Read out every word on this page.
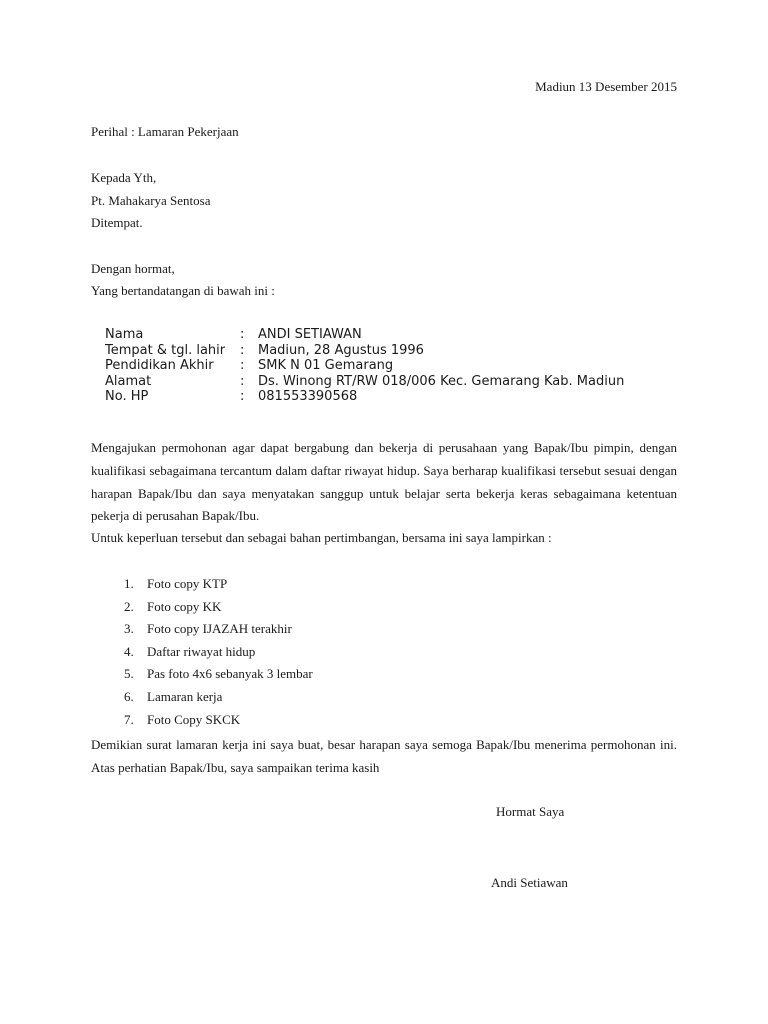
Madiun 13 Desember 2015
Perihal : Lamaran Pekerjaan
Kepada Yth,
Pt. Mahakarya Sentosa
Ditempat.
Dengan hormat,
Yang bertandatangan di bawah ini :
Nama	:	ANDI SETIAWAN
Tempat & tgl. lahir	:	Madiun, 28 Agustus 1996
Pendidikan Akhir	:	SMK N 01 Gemarang
Alamat	:	Ds. Winong RT/RW 018/006 Kec. Gemarang Kab. Madiun
No. HP	:	081553390568
Mengajukan permohonan agar dapat bergabung dan bekerja di perusahaan yang Bapak/Ibu pimpin, dengan kualifikasi sebagaimana tercantum dalam daftar riwayat hidup. Saya berharap kualifikasi tersebut sesuai dengan harapan Bapak/Ibu dan saya menyatakan sanggup untuk belajar serta bekerja keras sebagaimana ketentuan pekerja di perusahan Bapak/Ibu.
Untuk keperluan tersebut dan sebagai bahan pertimbangan, bersama ini saya lampirkan :
1.	Foto copy KTP
2.	Foto copy KK
3.	Foto copy IJAZAH terakhir
4.	Daftar riwayat hidup
5.	Pas foto 4x6 sebanyak 3 lembar
6.	Lamaran kerja
7.	Foto Copy SKCK
Demikian surat lamaran kerja ini saya buat, besar harapan saya semoga Bapak/Ibu menerima permohonan ini. Atas perhatian Bapak/Ibu, saya sampaikan terima kasih
Hormat Saya
Andi Setiawan
